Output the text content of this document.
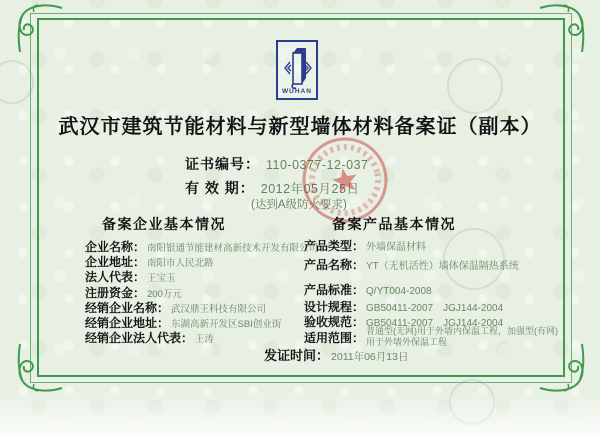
WUHAN
武汉市建筑节能材料与新型墙体材料备案证（副本）
证书编号： 110-0377-12-037
有 效 期： 2012年05月25日
(达到A级防火要求)
备案企业基本情况	备案产品基本情况
企业名称： 南阳银通节能建材高新技术开发有限公司
企业地址： 南阳市人民北路
法人代表： 王宝玉
注册资金： 200万元
经销企业名称： 武汉鼎王科技有限公司
经销企业地址： 东湖高新开发区SBI创业街
经销企业法人代表： 王涛
产品类型： 外墙保温材料
产品名称： YT（无机活性）墙体保温隔热系统
产品标准： Q/YT004-2008
设计规程： GB50411-2007　JGJ144-2004
验收规范： GB50411-2007　JGJ144-2004
适用范围： 普通型(无网)用于外墙内保温工程，加强型(有网)用于外墙外保温工程
发证时间： 2011年06月13日
